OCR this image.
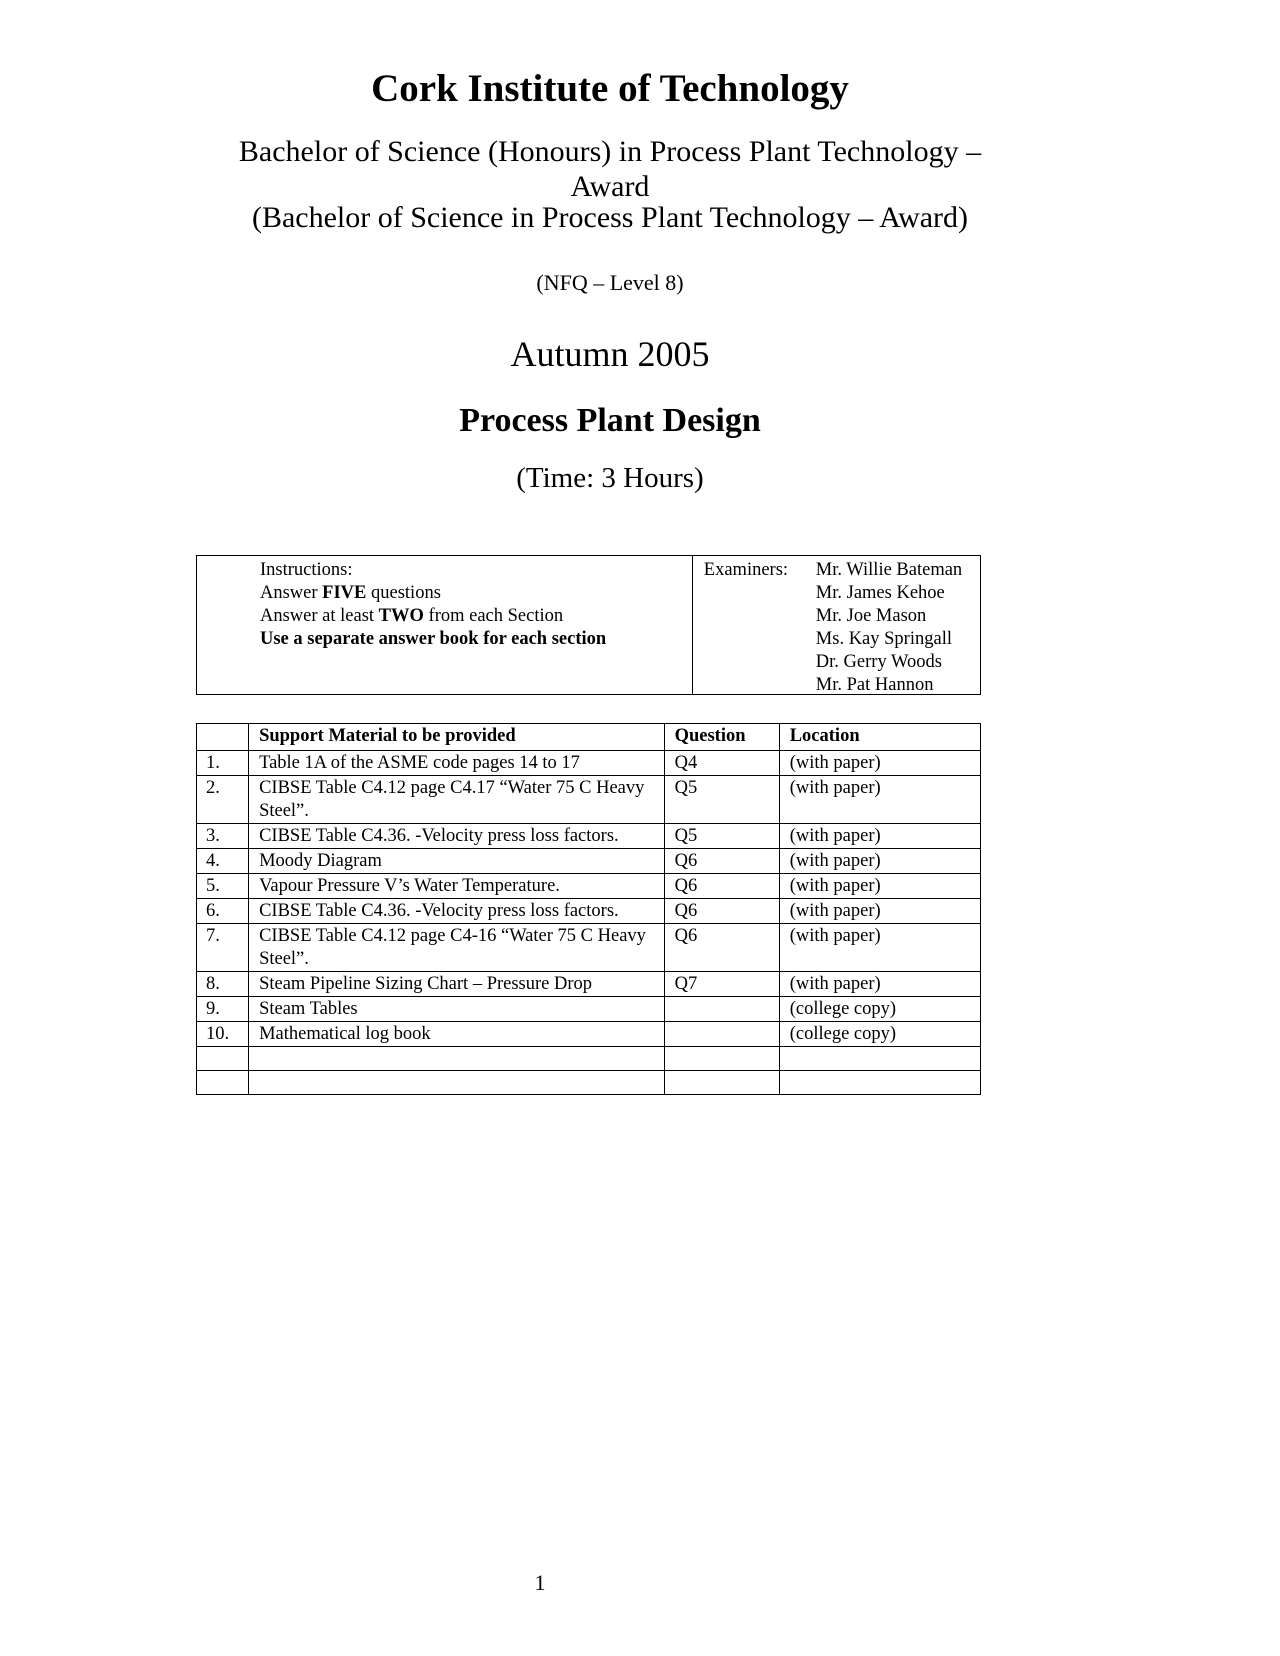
Cork Institute of Technology
Bachelor of Science (Honours) in Process Plant Technology –
Award
(Bachelor of Science in Process Plant Technology – Award)
(NFQ – Level 8)
Autumn 2005
Process Plant Design
(Time: 3 Hours)
Instructions:
Answer FIVE questions
Answer at least TWO from each Section
Use a separate answer book for each section

Examiners: Mr. Willie Bateman
Mr. James Kehoe
Mr. Joe Mason
Ms. Kay Springall
Dr. Gerry Woods
Mr. Pat Hannon
	Support Material to be provided	Question	Location
1.	Table 1A of the ASME code pages 14 to 17	Q4	(with paper)
2.	CIBSE Table C4.12 page C4.17 “Water 75 C Heavy Steel”.	Q5	(with paper)
3.	CIBSE Table C4.36. -Velocity press loss factors.	Q5	(with paper)
4.	Moody Diagram	Q6	(with paper)
5.	Vapour Pressure V’s Water Temperature.	Q6	(with paper)
6.	CIBSE Table C4.36. -Velocity press loss factors.	Q6	(with paper)
7.	CIBSE Table C4.12 page C4-16 “Water 75 C Heavy Steel”.	Q6	(with paper)
8.	Steam Pipeline Sizing Chart – Pressure Drop	Q7	(with paper)
9.	Steam Tables		(college copy)
10.	Mathematical log book		(college copy)

1
